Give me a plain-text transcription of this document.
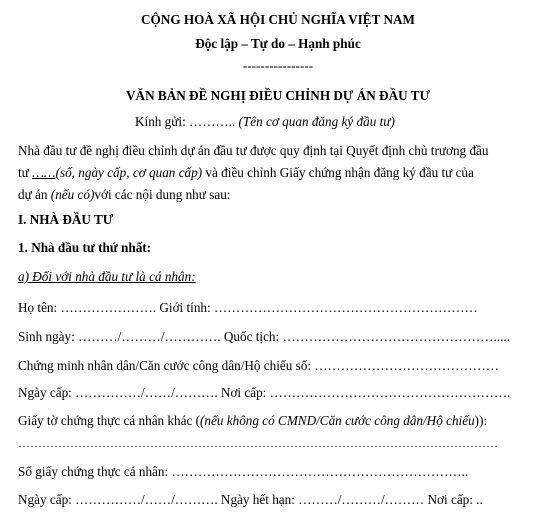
CỘNG HOÀ XÃ HỘI CHỦ NGHĨA VIỆT NAM
Độc lập – Tự do – Hạnh phúc
----------------
VĂN BẢN ĐỀ NGHỊ ĐIỀU CHỈNH DỰ ÁN ĐẦU TƯ
Kính gửi: ……….. (Tên cơ quan đăng ký đầu tư)
Nhà đầu tư đề nghị điều chỉnh dự án đầu tư được quy định tại Quyết định chủ trương đầu
tư ……(số, ngày cấp, cơ quan cấp) và điều chỉnh Giấy chứng nhận đăng ký đầu tư của
dự án (nếu có)với các nội dung như sau:
I. NHÀ ĐẦU TƯ
1. Nhà đầu tư thứ nhất:
a) Đối với nhà đầu tư là cá nhân:
Họ tên: …………………. Giới tính: ……………………………………………………
Sinh ngày: ………/………/…………. Quốc tịch: ………………………………………….....
Chứng minh nhân dân/Căn cước công dân/Hộ chiếu số: ……………………………………
Ngày cấp: ……………/……/………. Nơi cấp: ……………………………………………….
Giấy tờ chứng thực cá nhân khác ((nếu không có CMND/Căn cước công dân/Hộ chiếu)):
…………………………………………………………………………………………………………
Số giấy chứng thực cá nhân: …………………………………………………………..
Ngày cấp: ……………/……/………. Ngày hết hạn: ………/………/……… Nơi cấp: ..
